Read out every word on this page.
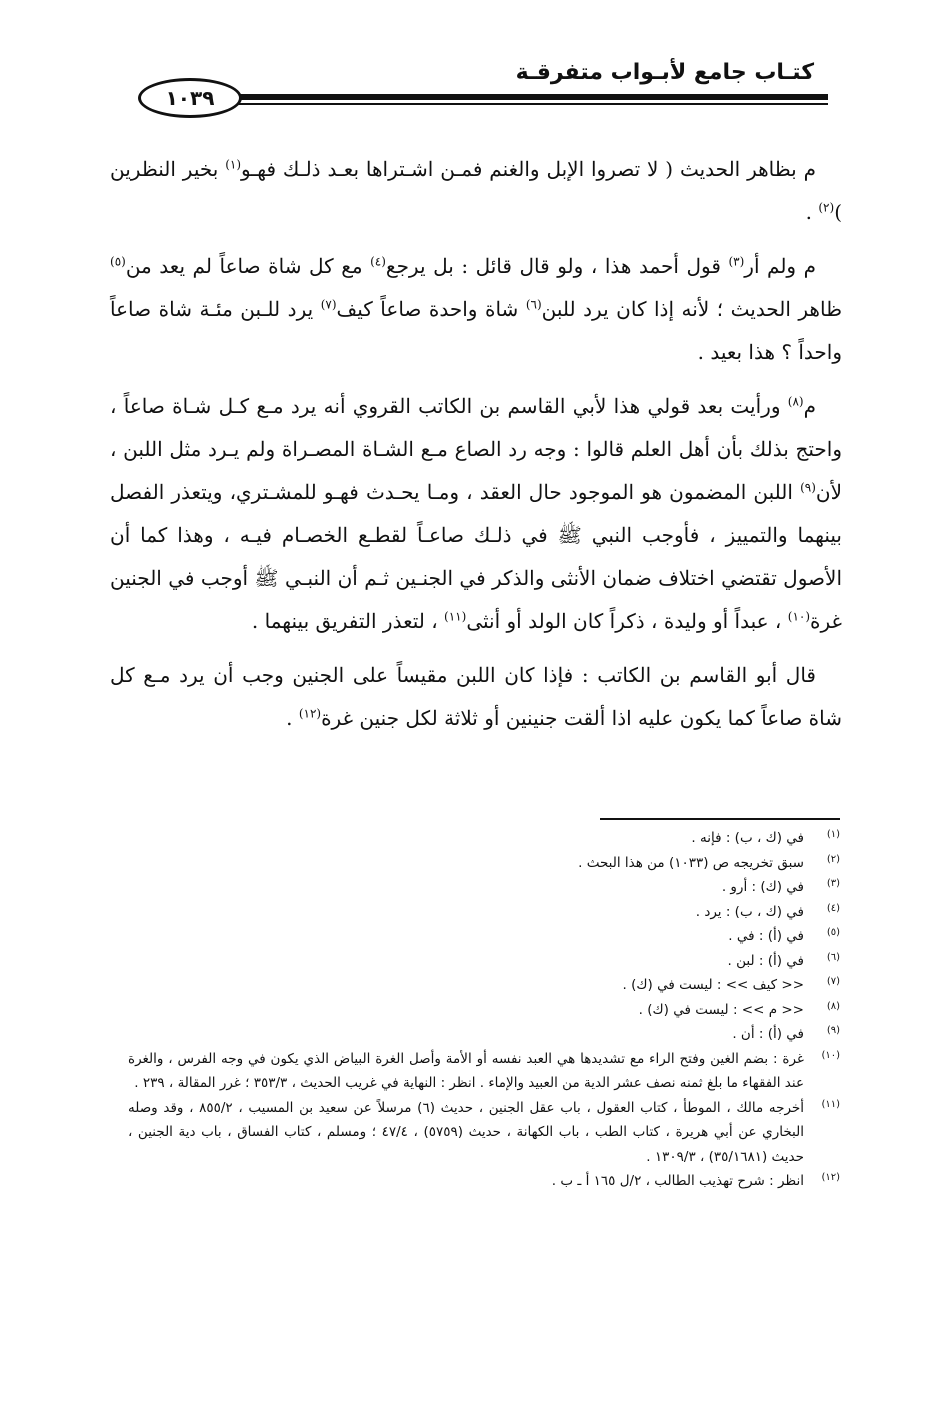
كتـاب جامع لأبـواب متفرقـة
١٠٣٩

م بظاهر الحديث ( لا تصروا الإبل والغنم فمـن اشـتراها بعـد ذلـك فهـو$^{(١)}$ بخير النظرين )$^{(٢)}$ .

م ولم أر$^{(٣)}$ قول أحمد هذا ، ولو قال قائل : بل يرجع$^{(٤)}$ مع كل شاة صاعاً لم يعد من$^{(٥)}$ ظاهر الحديث ؛ لأنه إذا كان يرد للبن$^{(٦)}$ شاة واحدة صاعاً كيف$^{(٧)}$ يرد للـبن مئـة شاة صاعاً واحداً ؟ هذا بعيد .

م$^{(٨)}$ ورأيت بعد قولي هذا لأبي القاسم بن الكاتب القروي أنه يرد مـع كـل شـاة صاعاً ، واحتج بذلك بأن أهل العلم قالوا : وجه رد الصاع مـع الشـاة المصـراة ولم يـرد مثل اللبن ، لأن$^{(٩)}$ اللبن المضمون هو الموجود حال العقد ، ومـا يحـدث فهـو للمشـتري، ويتعذر الفصل بينهما والتمييز ، فأوجب النبي ﷺ في ذلـك صاعـاً لقطـع الخصـام فيـه ، وهذا كما أن الأصول تقتضي اختلاف ضمان الأنثى والذكر في الجنـين ثـم أن النبـي ﷺ أوجب في الجنين غرة$^{(١٠)}$ ، عبداً أو وليدة ، ذكراً كان الولد أو أنثى$^{(١١)}$ ، لتعذر التفريق بينهما .

قال أبو القاسم بن الكاتب : فإذا كان اللبن مقيساً على الجنين وجب أن يرد مـع كل شاة صاعاً كما يكون عليه اذا ألقت جنينين أو ثلاثة لكل جنين غرة$^{(١٢)}$ .

(١)
في (ك ، ب) : فإنه .
(٢)
سبق تخريجه ص (١٠٣٣) من هذا البحث .
(٣)
في (ك) : أرو .
(٤)
في (ك ، ب) : يرد .
(٥)
في (أ) : في .
(٦)
في (أ) : لبن .
(٧)
<< كيف >> : ليست في (ك) .
(٨)
<< م >> : ليست في (ك) .
(٩)
في (أ) : أن .
(١٠)
غرة : بضم الغين وفتح الراء مع تشديدها هي العبد نفسه أو الأمة وأصل الغرة البياض الذي يكون في وجه الفرس ، والغرة عند الفقهاء ما بلغ ثمنه نصف عشر الدية من العبيد والإماء . انظر : النهاية في غريب الحديث ، ٣٥٣/٣ ؛ غرر المقالة ، ٢٣٩ .
(١١)
أخرجه مالك ، الموطأ ، كتاب العقول ، باب عقل الجنين ، حديث (٦) مرسلاً عن سعيد بن المسيب ، ٨٥٥/٢ ، وقد وصله البخاري عن أبي هريرة ، كتاب الطب ، باب الكهانة ، حديث (٥٧٥٩) ، ٤٧/٤ ؛ ومسلم ، كتاب الفساق ، باب دية الجنين ، حديث (٣٥/١٦٨١) ، ١٣٠٩/٣ .
(١٢)
انظر : شرح تهذيب الطالب ، ٢/ل ١٦٥ أ ـ ب .
